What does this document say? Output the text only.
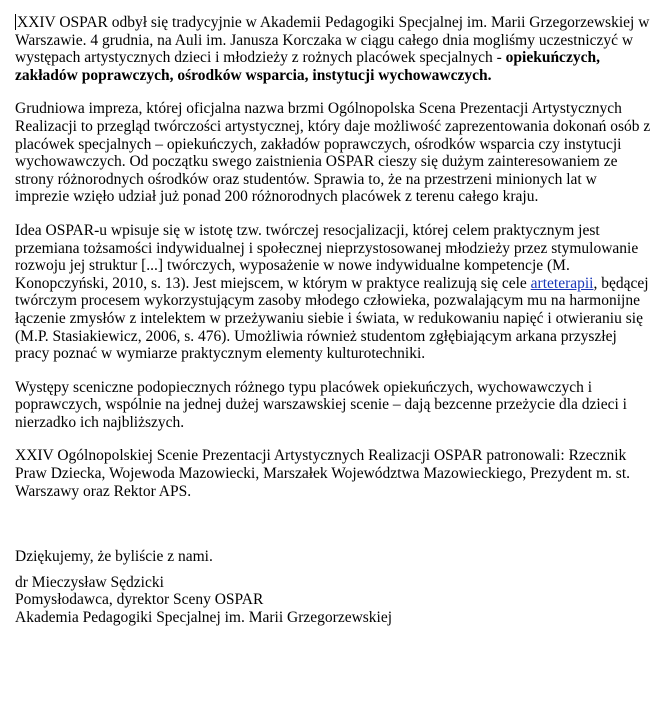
XXIV OSPAR odbył się tradycyjnie w Akademii Pedagogiki Specjalnej im. Marii Grzegorzewskiej w Warszawie. 4 grudnia, na Auli im. Janusza Korczaka w ciągu całego dnia mogliśmy uczestniczyć w występach artystycznych dzieci i młodzieży z rożnych placówek specjalnych - opiekuńczych, zakładów poprawczych, ośrodków wsparcia, instytucji wychowawczych.

Grudniowa impreza, której oficjalna nazwa brzmi Ogólnopolska Scena Prezentacji Artystycznych Realizacji to przegląd twórczości artystycznej, który daje możliwość zaprezentowania dokonań osób z placówek specjalnych – opiekuńczych, zakładów poprawczych, ośrodków wsparcia czy instytucji wychowawczych. Od początku swego zaistnienia OSPAR cieszy się dużym zainteresowaniem ze strony różnorodnych ośrodków oraz studentów. Sprawia to, że na przestrzeni minionych lat w imprezie wzięło udział już ponad 200 różnorodnych placówek z terenu całego kraju.

Idea OSPAR-u wpisuje się w istotę tzw. twórczej resocjalizacji, której celem praktycznym jest przemiana tożsamości indywidualnej i społecznej nieprzystosowanej młodzieży przez stymulowanie rozwoju jej struktur [...] twórczych, wyposażenie w nowe indywidualne kompetencje (M. Konopczyński, 2010, s. 13). Jest miejscem, w którym w praktyce realizują się cele arteterapii, będącej twórczym procesem wykorzystującym zasoby młodego człowieka, pozwalającym mu na harmonijne łączenie zmysłów z intelektem w przeżywaniu siebie i świata, w redukowaniu napięć i otwieraniu się (M.P. Stasiakiewicz, 2006, s. 476). Umożliwia również studentom zgłębiającym arkana przyszłej pracy poznać w wymiarze praktycznym elementy kulturotechniki.

Występy sceniczne podopiecznych różnego typu placówek opiekuńczych, wychowawczych i poprawczych, wspólnie na jednej dużej warszawskiej scenie – dają bezcenne przeżycie dla dzieci i nierzadko ich najbliższych.

XXIV Ogólnopolskiej Scenie Prezentacji Artystycznych Realizacji OSPAR patronowali: Rzecznik Praw Dziecka, Wojewoda Mazowiecki, Marszałek Województwa Mazowieckiego, Prezydent m. st. Warszawy oraz Rektor APS.

Dziękujemy, że byliście z nami.

dr Mieczysław Sędzicki
Pomysłodawca, dyrektor Sceny OSPAR
Akademia Pedagogiki Specjalnej im. Marii Grzegorzewskiej
